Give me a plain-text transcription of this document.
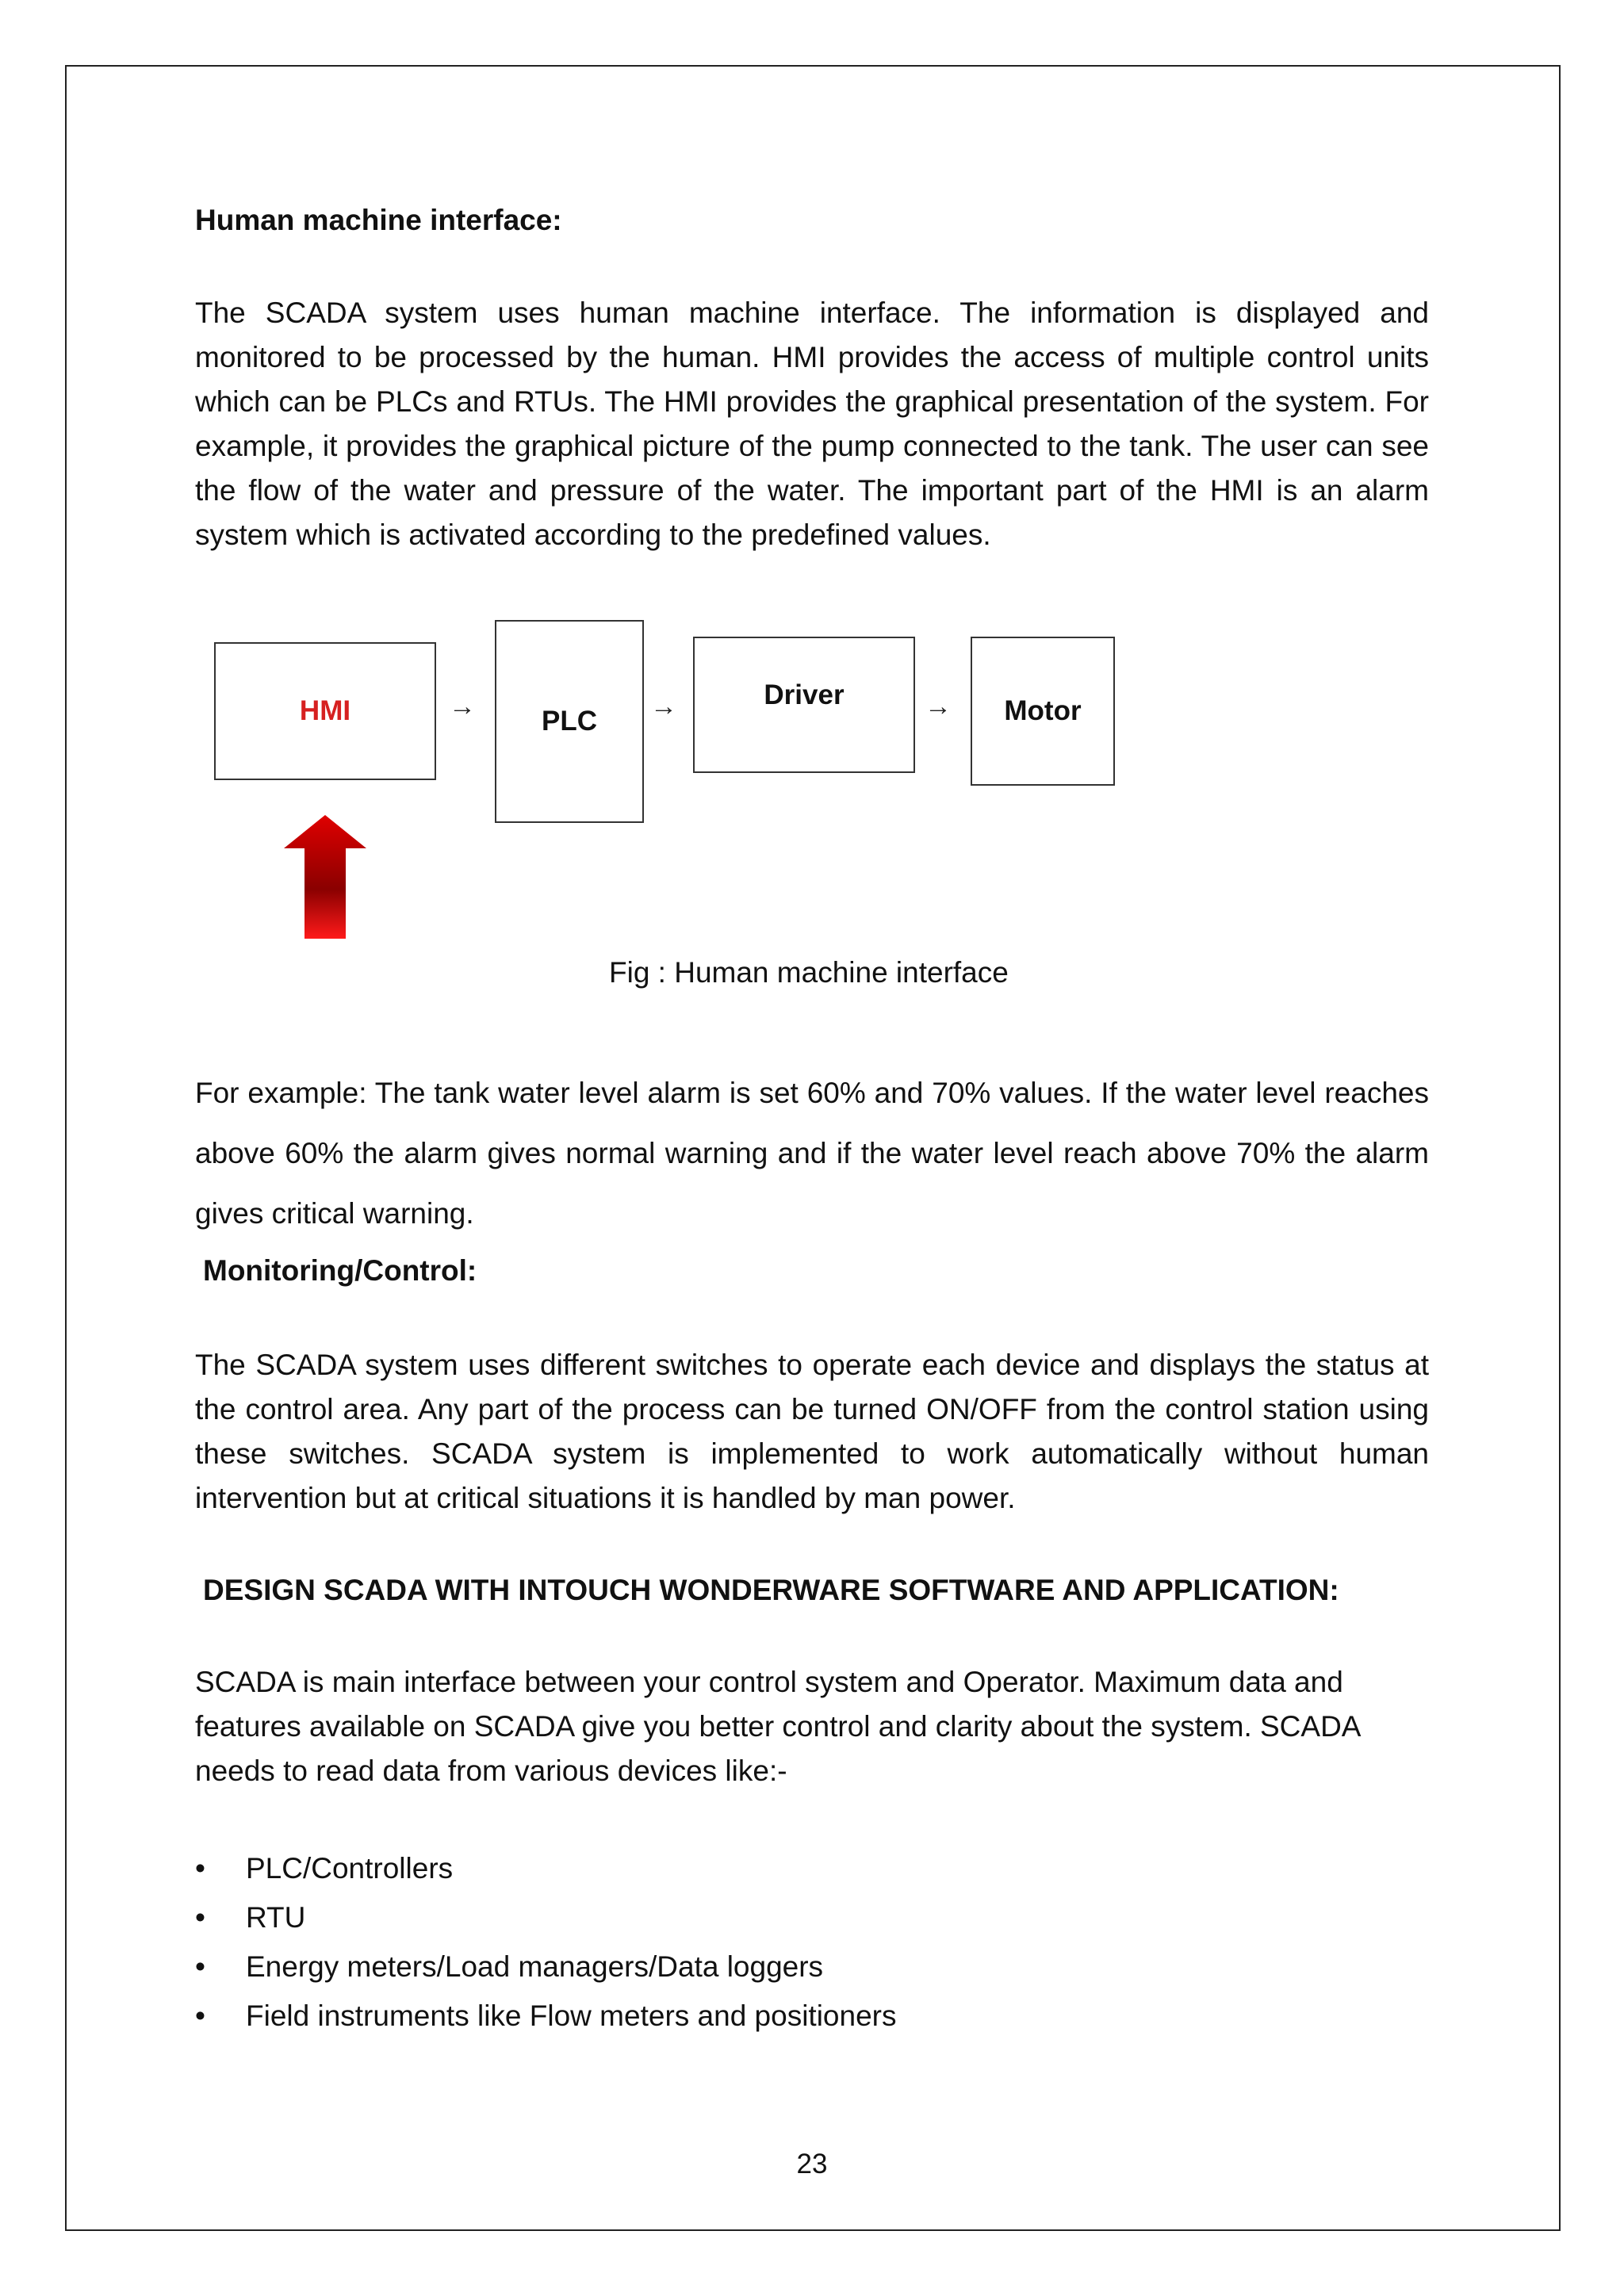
Human machine interface:

The SCADA system uses human machine interface. The information is displayed and monitored to be processed by the human. HMI provides the access of multiple control units which can be PLCs and RTUs. The HMI provides the graphical presentation of the system. For example, it provides the graphical picture of the pump connected to the tank. The user can see the flow of the water and pressure of the water. The important part of the HMI is an alarm system which is activated according to the predefined values.

For example: The tank water level alarm is set 60% and 70% values. If the water level reaches above 60% the alarm gives normal warning and if the water level reach above 70% the alarm gives critical warning.

Monitoring/Control:

The SCADA system uses different switches to operate each device and displays the status at the control area. Any part of the process can be turned ON/OFF from the control station using these switches. SCADA system is implemented to work automatically without human intervention but at critical situations it is handled by man power.

DESIGN SCADA WITH INTOUCH WONDERWARE SOFTWARE AND APPLICATION:

SCADA is main interface between your control system and Operator. Maximum data and features available on SCADA give you better control and clarity about the system. SCADA needs to read data from various devices like:-

•	PLC/Controllers
•	RTU
•	Energy meters/Load managers/Data loggers
•	Field instruments like Flow meters and positioners
HMI	→ PLC →	Driver	→ Motor
Fig : Human machine interface
23
